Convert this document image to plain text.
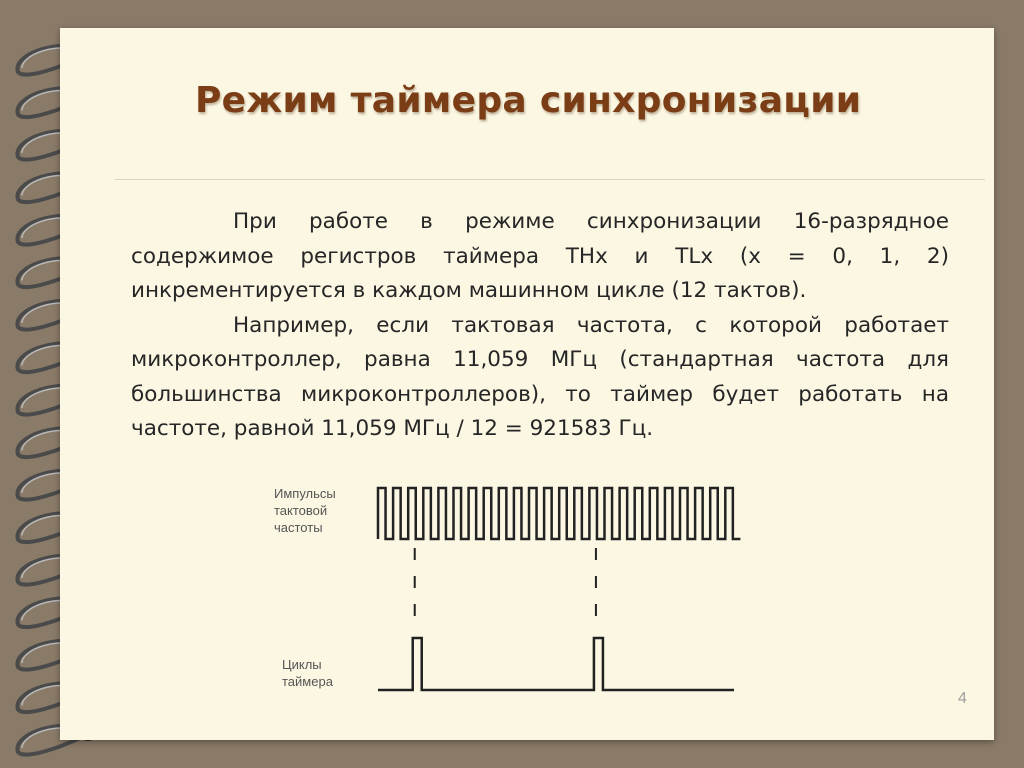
Режим таймера синхронизации

При работе в режиме синхронизации 16-разрядное содержимое регистров таймера THx и TLx (x = 0, 1, 2) инкрементируется в каждом машинном цикле (12 тактов).

Например, если тактовая частота, с которой работает микроконтроллер, равна 11,059 МГц (стандартная частота для большинства микроконтроллеров), то таймер будет работать на частоте, равной 11,059 МГц / 12 = 921583 Гц.

Импульсы
тактовой
частоты
Циклы
таймера
4
